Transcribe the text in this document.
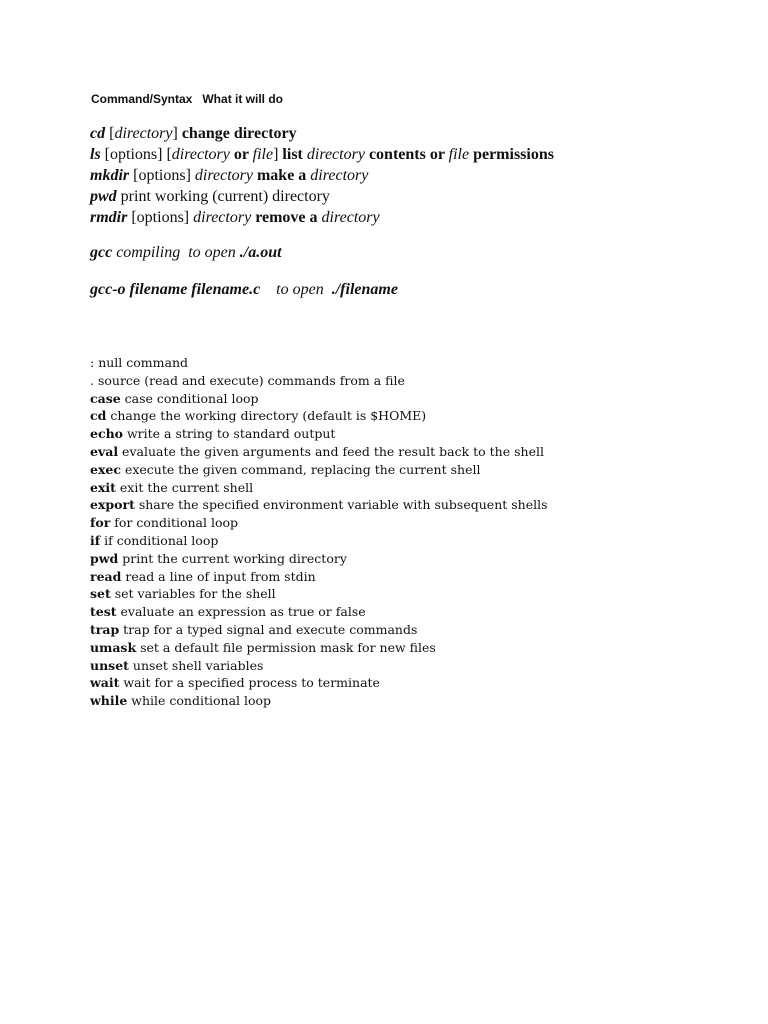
Command/Syntax What it will do
cd [directory] change directory
ls [options] [directory or file] list directory contents or file permissions
mkdir [options] directory make a directory
pwd print working (current) directory
rmdir [options] directory remove a directory
gcc compiling  to open ./a.out
gcc-o filename filename.c    to open  ./filename
: null command
. source (read and execute) commands from a file
case case conditional loop
cd change the working directory (default is $HOME)
echo write a string to standard output
eval evaluate the given arguments and feed the result back to the shell
exec execute the given command, replacing the current shell
exit exit the current shell
export share the specified environment variable with subsequent shells
for for conditional loop
if if conditional loop
pwd print the current working directory
read read a line of input from stdin
set set variables for the shell
test evaluate an expression as true or false
trap trap for a typed signal and execute commands
umask set a default file permission mask for new files
unset unset shell variables
wait wait for a specified process to terminate
while while conditional loop
